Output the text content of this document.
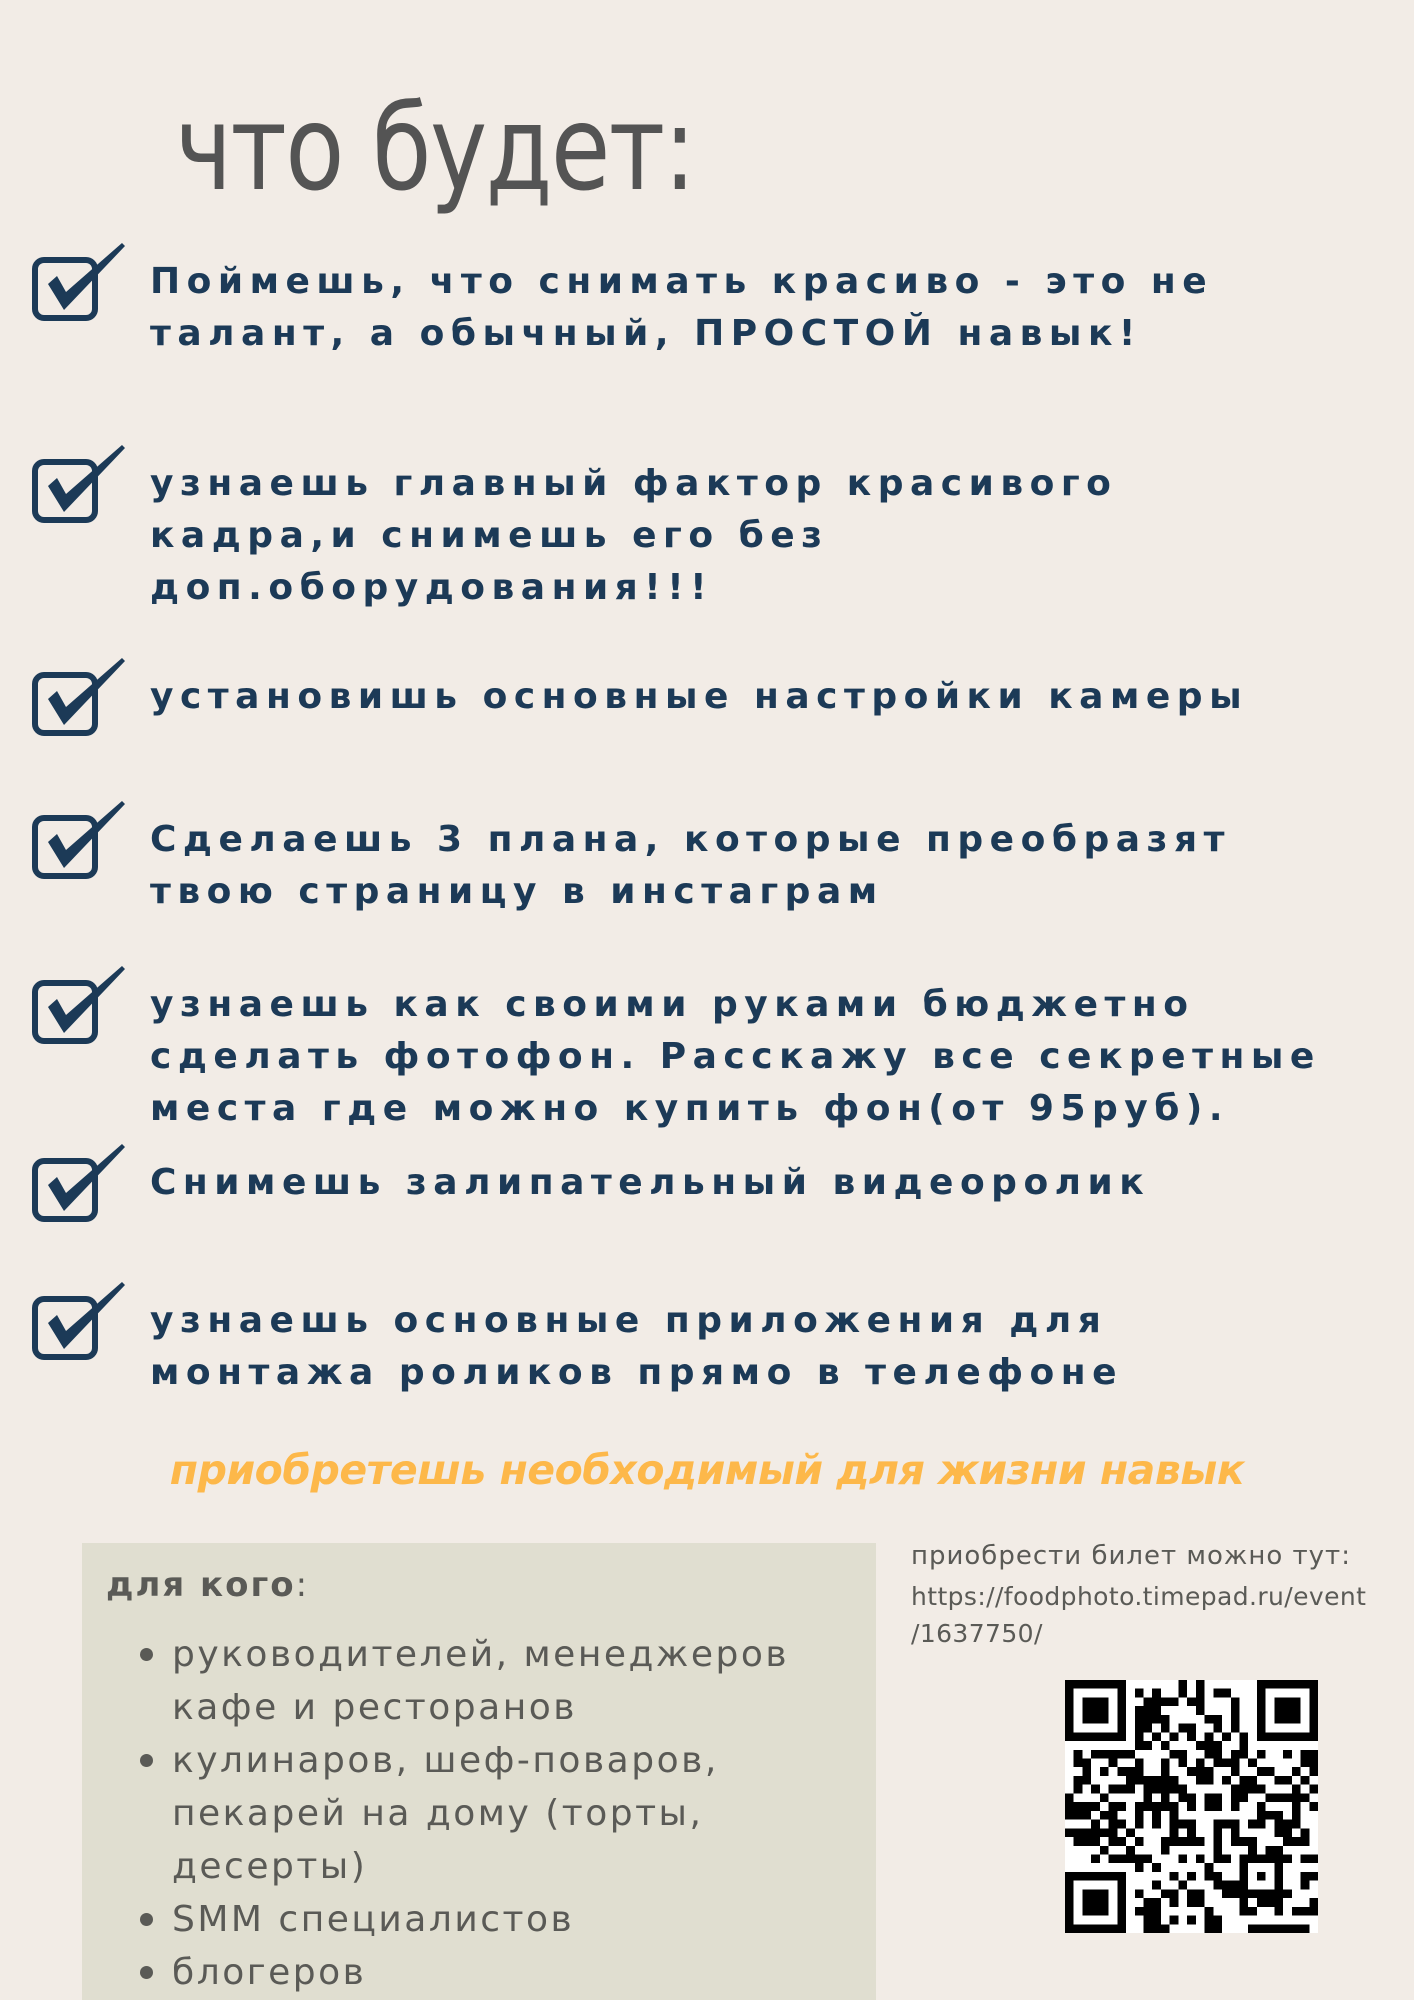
что будет:
Поймешь, что снимать красиво - это не
талант, а обычный, ПРОСТОЙ навык!
узнаешь главный фактор красивого
кадра,и снимешь его без
доп.оборудования!!!
установишь основные настройки камеры
Сделаешь 3 плана, которые преобразят
твою страницу в инстаграм
узнаешь как своими руками бюджетно
сделать фотофон. Расскажу все секретные
места где можно купить фон(от 95руб).
Снимешь залипательный видеоролик
узнаешь основные приложения для
монтажа роликов прямо в телефоне
приобретешь необходимый для жизни навык
для кого:
руководителей, менеджеров
кафе и ресторанов
кулинаров, шеф-поваров,
пекарей на дому (торты,
десерты)
SMM специалистов
блогеров
приобрести билет можно тут:
https://foodphoto.timepad.ru/event
/1637750/
